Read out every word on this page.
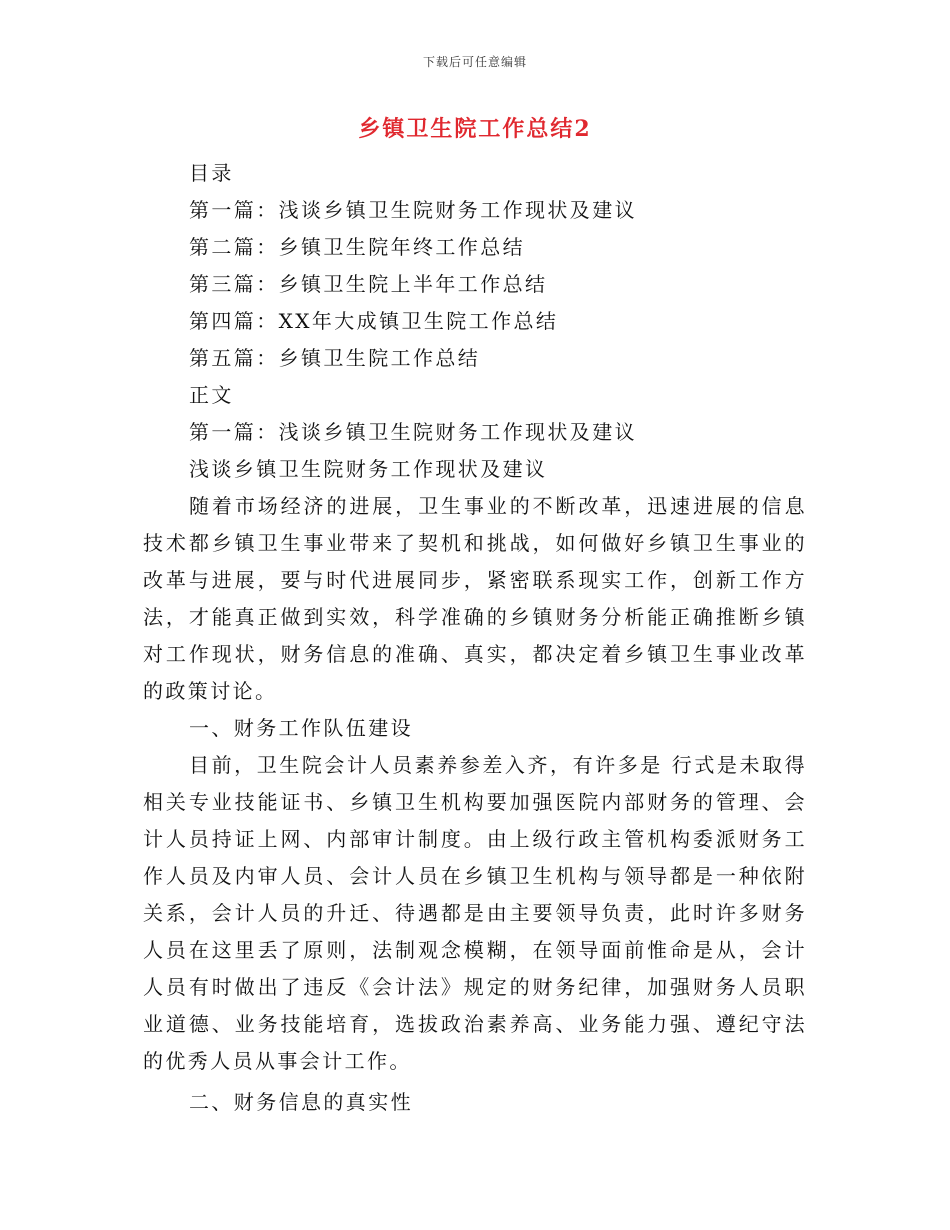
下载后可任意编辑
乡镇卫生院工作总结2

目录

第一篇：浅谈乡镇卫生院财务工作现状及建议

第二篇：乡镇卫生院年终工作总结

第三篇：乡镇卫生院上半年工作总结

第四篇：XX年大成镇卫生院工作总结

第五篇：乡镇卫生院工作总结

正文

第一篇：浅谈乡镇卫生院财务工作现状及建议

浅谈乡镇卫生院财务工作现状及建议

随着市场经济的进展，卫生事业的不断改革，迅速进展的信息技术都乡镇卫生事业带来了契机和挑战，如何做好乡镇卫生事业的改革与进展，要与时代进展同步，紧密联系现实工作，创新工作方法，才能真正做到实效，科学准确的乡镇财务分析能正确推断乡镇对工作现状，财务信息的准确、真实，都决定着乡镇卫生事业改革的政策讨论。

一、财务工作队伍建设

目前，卫生院会计人员素养参差入齐，有许多是 行式是未取得相关专业技能证书、乡镇卫生机构要加强医院内部财务的管理、会计人员持证上网、内部审计制度。由上级行政主管机构委派财务工作人员及内审人员、会计人员在乡镇卫生机构与领导都是一种依附关系，会计人员的升迁、待遇都是由主要领导负责，此时许多财务人员在这里丢了原则，法制观念模糊，在领导面前惟命是从，会计人员有时做出了违反《会计法》规定的财务纪律，加强财务人员职业道德、业务技能培育，选拔政治素养高、业务能力强、遵纪守法的优秀人员从事会计工作。

二、财务信息的真实性
